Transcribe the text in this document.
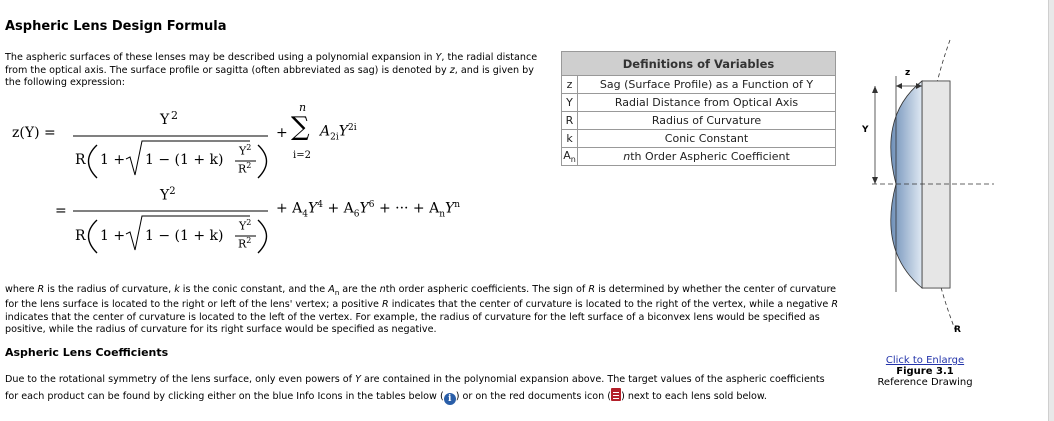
Aspheric Lens Design Formula

The aspheric surfaces of these lenses may be described using a polynomial expansion in Y, the radial distance
from the optical axis. The surface profile or sagitta (often abbreviated as sag) is denoted by z, and is given by
the following expression:

z(Y) =
Y 2
R 1 + 1 − (1 + k)
$Y^2$
$R^2$
+
n
∑
i=2
$A_{2i}Y^{2i}$
=
$Y^2$
R 1 + 1 − (1 + k)
$Y^2$
$R^2$
+ $A_4Y^4 + A_6Y^6$ + ··· + $A_nY^n$
Definitions of Variables	
z	Sag (Surface Profile) as a Function of Y
Y	Radial Distance from Optical Axis
R	Radius of Curvature
k	Conic Constant
$A_n$	nth Order Aspheric Coefficient

where R is the radius of curvature, k is the conic constant, and the $A_n$ are the nth order aspheric coefficients. The sign of R is determined by whether the center of curvature
for the lens surface is located to the right or left of the lens' vertex; a positive R indicates that the center of curvature is located to the right of the vertex, while a negative R
indicates that the center of curvature is located to the left of the vertex. For example, the radius of curvature for the left surface of a biconvex lens would be specified as
positive, while the radius of curvature for its right surface would be specified as negative.

Aspheric Lens Coefficients

Due to the rotational symmetry of the lens surface, only even powers of Y are contained in the polynomial expansion above. The target values of the aspheric coefficients
for each product can be found by clicking either on the blue Info Icons in the tables below ( i ) or on the red documents icon ( ) next to each lens sold below.

z
Y
R
Click to Enlarge
Figure 3.1
Reference Drawing
